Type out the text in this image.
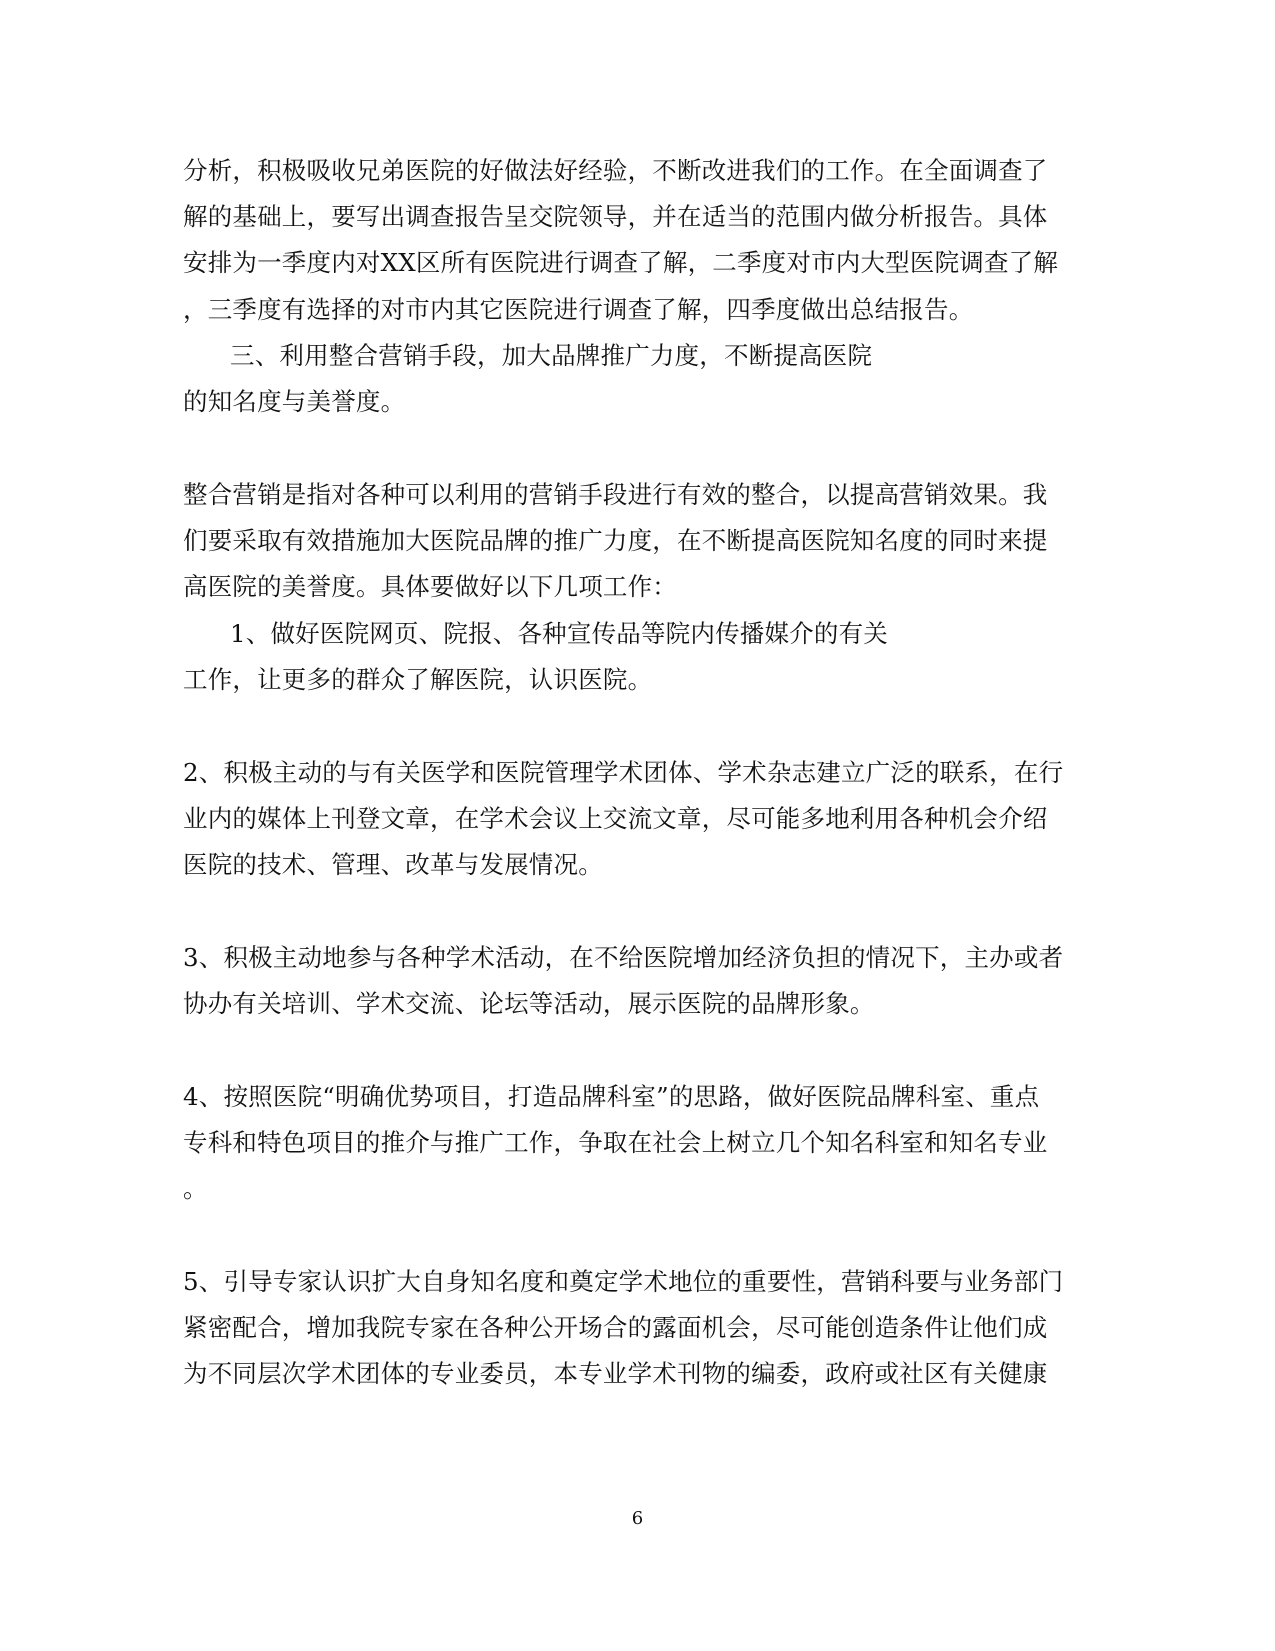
分析，积极吸收兄弟医院的好做法好经验，不断改进我们的工作。在全面调查了
解的基础上，要写出调查报告呈交院领导，并在适当的范围内做分析报告。具体
安排为一季度内对XX区所有医院进行调查了解，二季度对市内大型医院调查了解
，三季度有选择的对市内其它医院进行调查了解，四季度做出总结报告。
三、利用整合营销手段，加大品牌推广力度，不断提高医院
的知名度与美誉度。
整合营销是指对各种可以利用的营销手段进行有效的整合，以提高营销效果。我
们要采取有效措施加大医院品牌的推广力度，在不断提高医院知名度的同时来提
高医院的美誉度。具体要做好以下几项工作：
1、做好医院网页、院报、各种宣传品等院内传播媒介的有关
工作，让更多的群众了解医院，认识医院。
2、积极主动的与有关医学和医院管理学术团体、学术杂志建立广泛的联系，在行
业内的媒体上刊登文章，在学术会议上交流文章，尽可能多地利用各种机会介绍
医院的技术、管理、改革与发展情况。
3、积极主动地参与各种学术活动，在不给医院增加经济负担的情况下，主办或者
协办有关培训、学术交流、论坛等活动，展示医院的品牌形象。
4、按照医院“明确优势项目，打造品牌科室”的思路，做好医院品牌科室、重点
专科和特色项目的推介与推广工作，争取在社会上树立几个知名科室和知名专业
。
5、引导专家认识扩大自身知名度和奠定学术地位的重要性，营销科要与业务部门
紧密配合，增加我院专家在各种公开场合的露面机会，尽可能创造条件让他们成
为不同层次学术团体的专业委员，本专业学术刊物的编委，政府或社区有关健康
6
